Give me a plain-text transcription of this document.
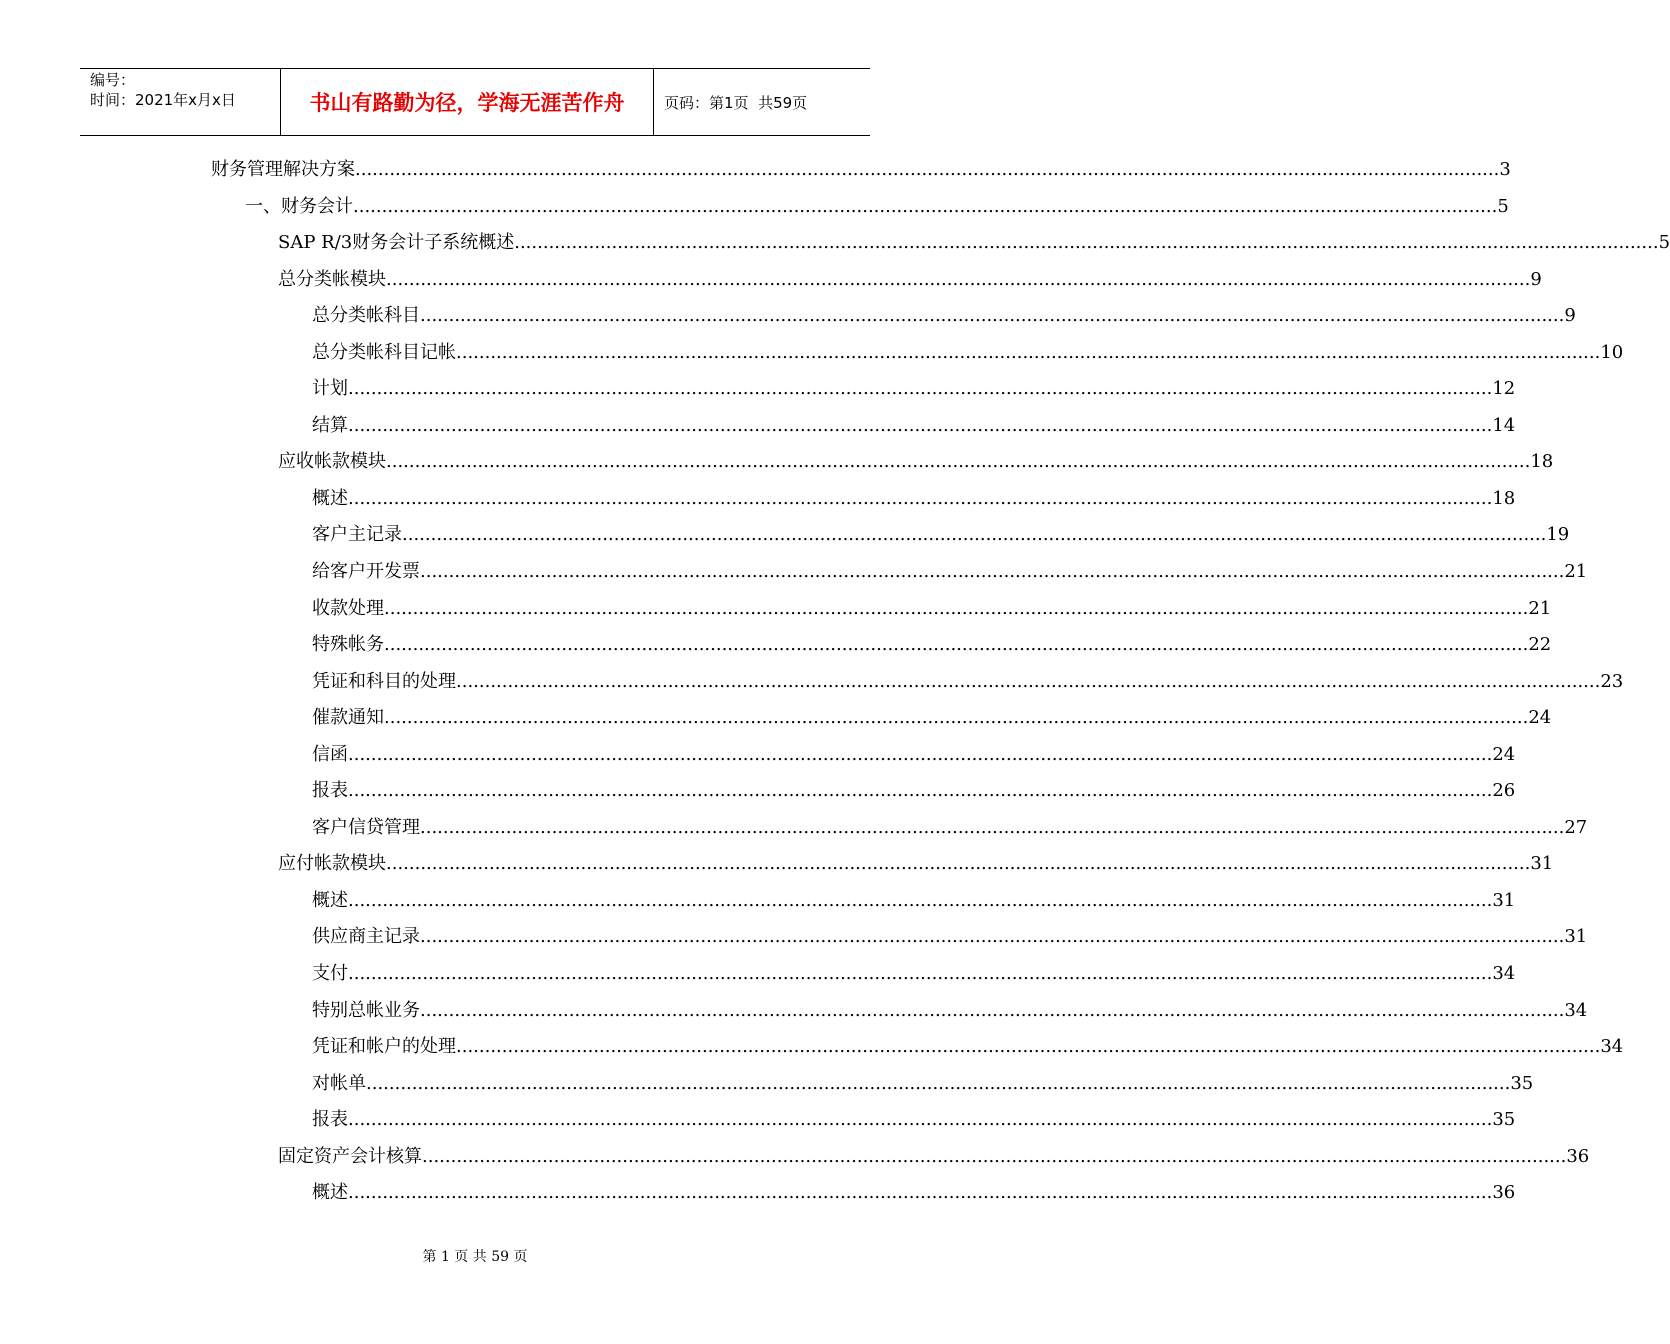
编号：
时间：2021年x月x日	书山有路勤为径，学海无涯苦作舟	页码：第1页  共59页
财务管理解决方案 ........................................................................................................................................................................................................ 3
一、财务会计 ........................................................................................................................................................................................................ 5
SAP R/3财务会计子系统概述 ........................................................................................................................................................................................................ 5
总分类帐模块 ........................................................................................................................................................................................................ 9
总分类帐科目 ........................................................................................................................................................................................................ 9
总分类帐科目记帐 ........................................................................................................................................................................................................ 10
计划 ........................................................................................................................................................................................................ 12
结算 ........................................................................................................................................................................................................ 14
应收帐款模块 ........................................................................................................................................................................................................ 18
概述 ........................................................................................................................................................................................................ 18
客户主记录 ........................................................................................................................................................................................................ 19
给客户开发票 ........................................................................................................................................................................................................ 21
收款处理 ........................................................................................................................................................................................................ 21
特殊帐务 ........................................................................................................................................................................................................ 22
凭证和科目的处理 ........................................................................................................................................................................................................ 23
催款通知 ........................................................................................................................................................................................................ 24
信函 ........................................................................................................................................................................................................ 24
报表 ........................................................................................................................................................................................................ 26
客户信贷管理 ........................................................................................................................................................................................................ 27
应付帐款模块 ........................................................................................................................................................................................................ 31
概述 ........................................................................................................................................................................................................ 31
供应商主记录 ........................................................................................................................................................................................................ 31
支付 ........................................................................................................................................................................................................ 34
特别总帐业务 ........................................................................................................................................................................................................ 34
凭证和帐户的处理 ........................................................................................................................................................................................................ 34
对帐单 ........................................................................................................................................................................................................ 35
报表 ........................................................................................................................................................................................................ 35
固定资产会计核算 ........................................................................................................................................................................................................ 36
概述 ........................................................................................................................................................................................................ 36
第 1 页 共 59 页
